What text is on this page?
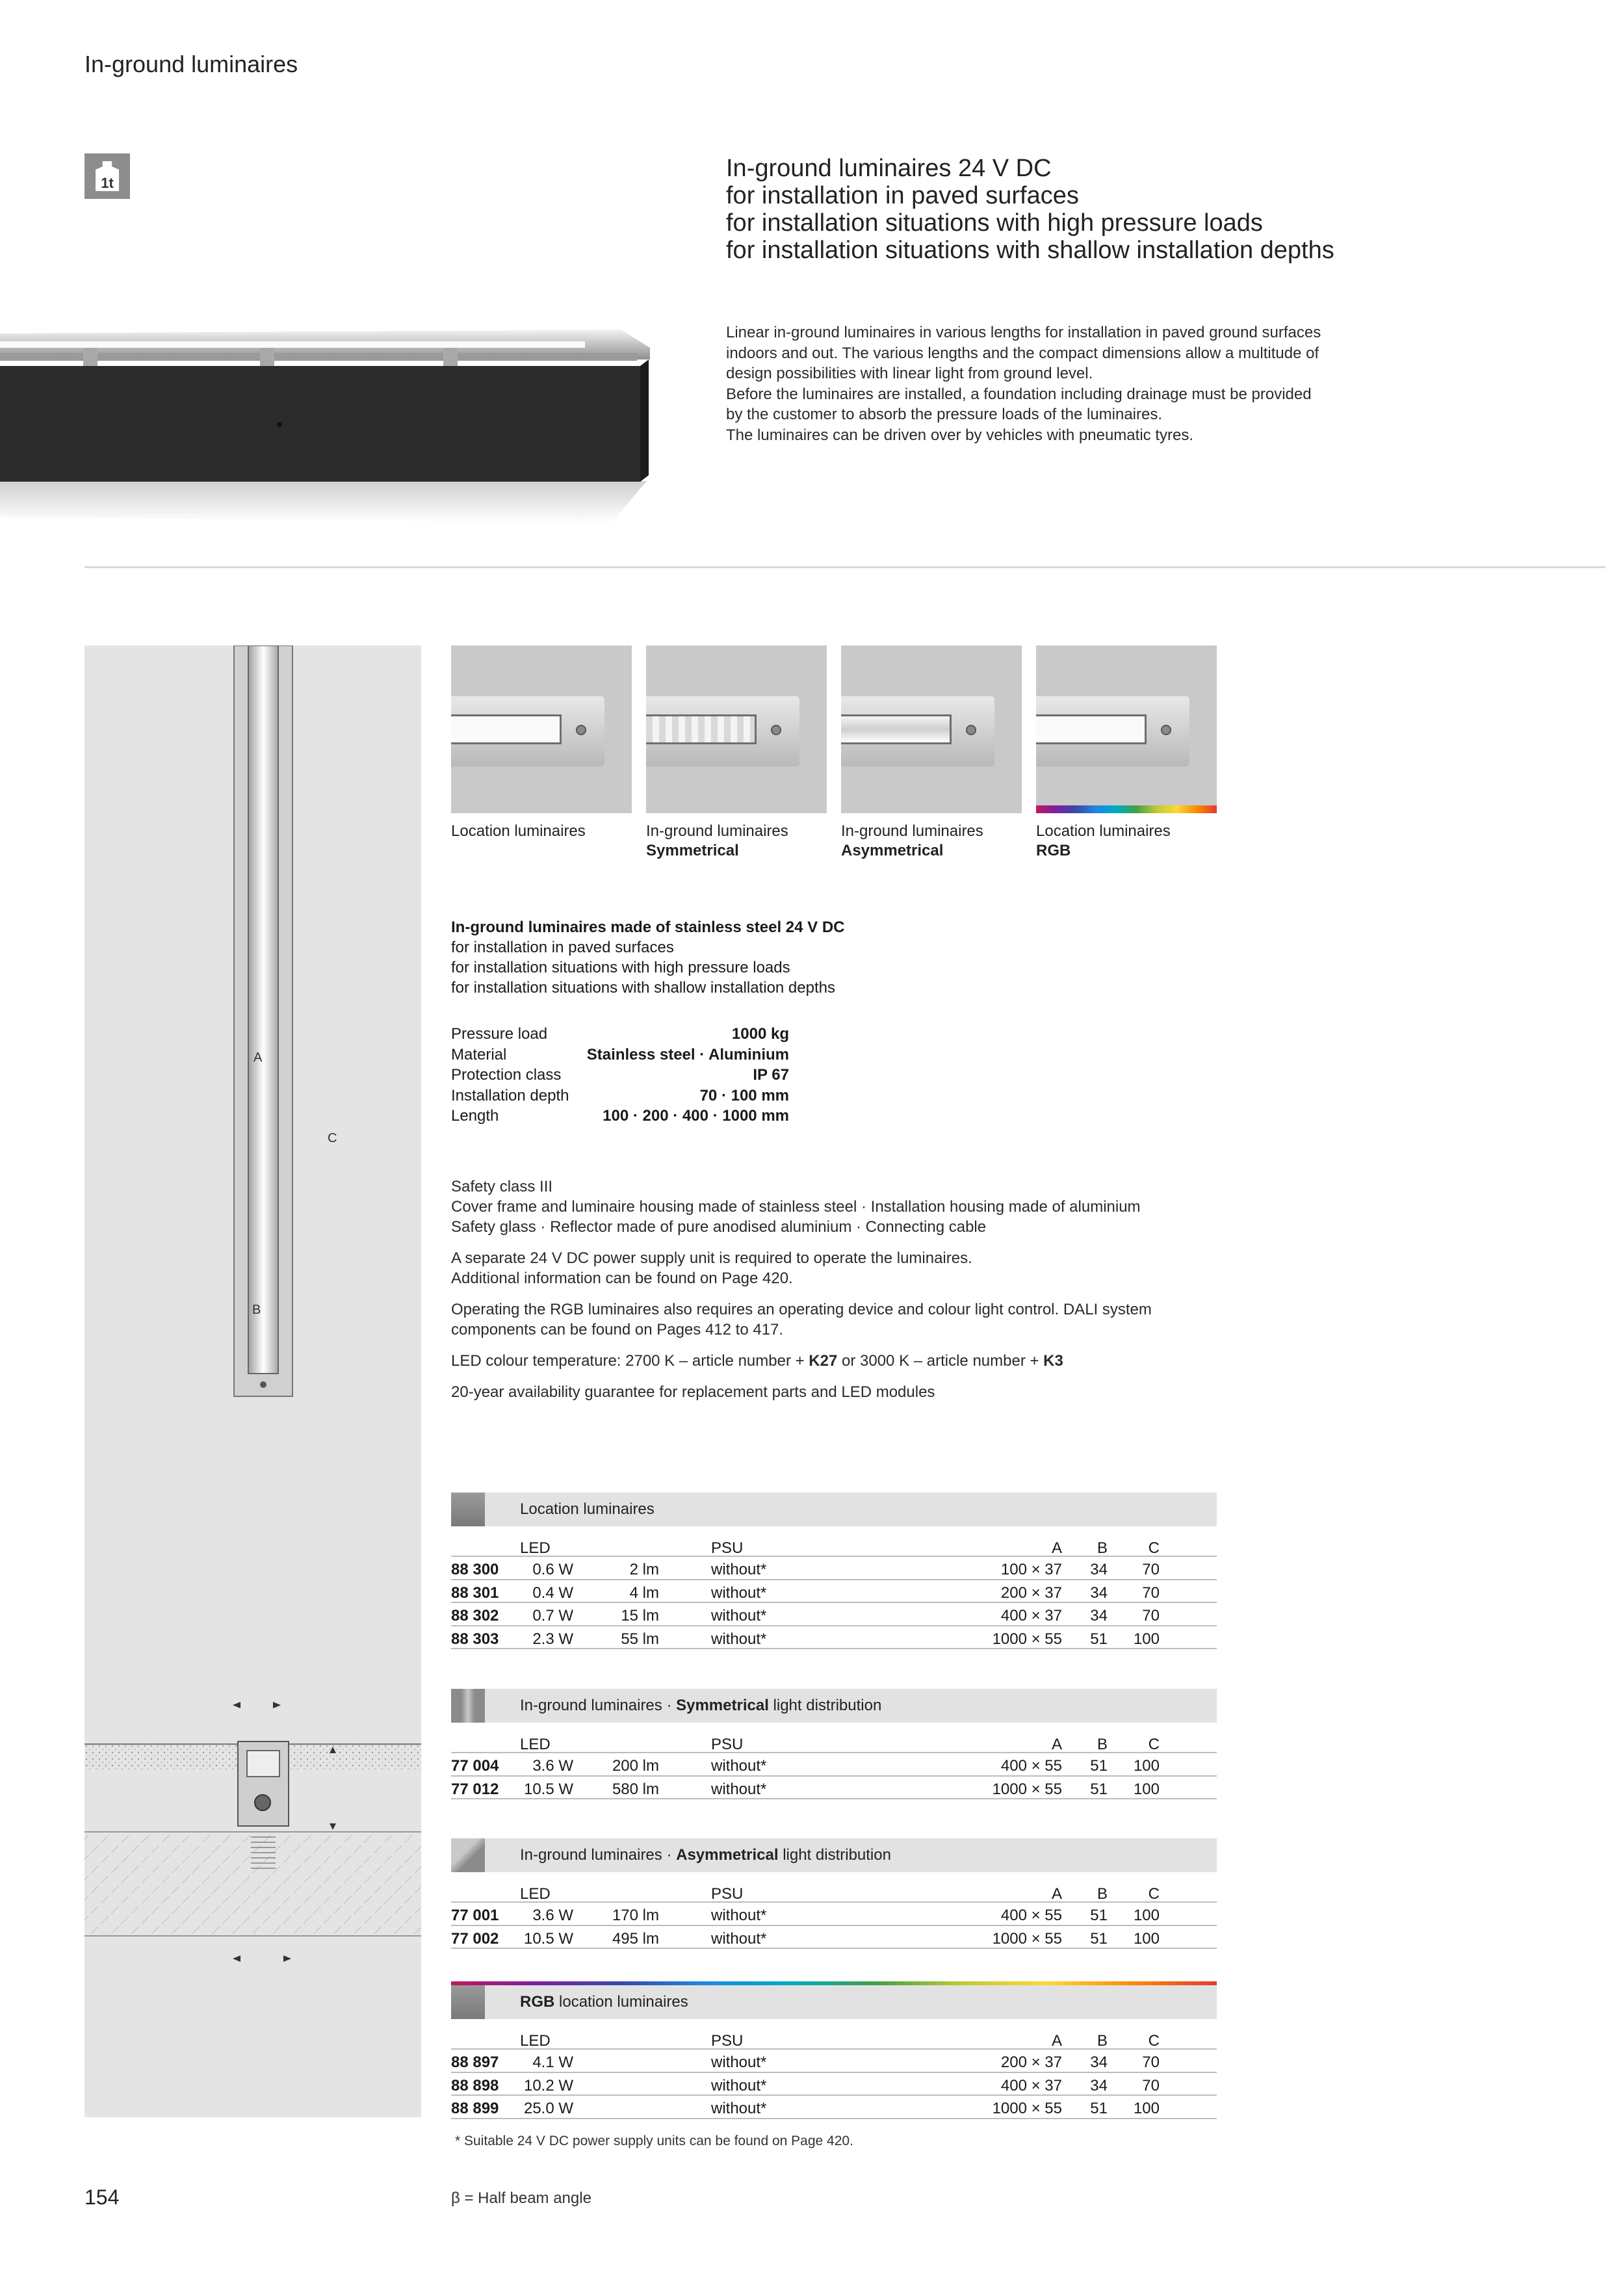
In-ground luminaires
1t
In-ground luminaires 24 V DC
for installation in paved surfaces
for installation situations with high pressure loads
for installation situations with shallow installation depths
Linear in-ground luminaires in various lengths for installation in paved ground surfaces
indoors and out. The various lengths and the compact dimensions allow a multitude of
design possibilities with linear light from ground level.
Before the luminaires are installed, a foundation including drainage must be provided
by the customer to absorb the pressure loads of the luminaires.
The luminaires can be driven over by vehicles with pneumatic tyres.
A
C
B
Location luminaires	In-ground luminaires
Symmetrical
In-ground luminaires
Asymmetrical
Location luminaires
RGB
In-ground luminaires made of stainless steel 24 V DC
for installation in paved surfaces
for installation situations with high pressure loads
for installation situations with shallow installation depths
Pressure load	1000 kg
Material	Stainless steel · Aluminium
Protection class	IP 67
Installation depth	70 · 100 mm
Length	100 · 200 · 400 · 1000 mm

Safety class III
Cover frame and luminaire housing made of stainless steel · Installation housing made of aluminium
Safety glass · Reflector made of pure anodised aluminium · Connecting cable

A separate 24 V DC power supply unit is required to operate the luminaires.
Additional information can be found on Page 420.

Operating the RGB luminaires also requires an operating device and colour light control. DALI system
components can be found on Pages 412 to 417.

LED colour temperature: 2700 K – article number + K27 or 3000 K – article number + K3

20-year availability guarantee for replacement parts and LED modules

Location luminaires
LED	PSU	A	B	C
88 300	0.6 W	2 lm	without*	100 × 37	34	70
88 301	0.4 W	4 lm	without*	200 × 37	34	70
88 302	0.7 W	15 lm	without*	400 × 37	34	70
88 303	2.3 W	55 lm	without*	1000 × 55	51	100
In-ground luminaires · Symmetrical light distribution
LED	PSU	A	B	C
77 004	3.6 W	200 lm	without*	400 × 55	51	100
77 012	10.5 W	580 lm	without*	1000 × 55	51	100
In-ground luminaires · Asymmetrical light distribution
LED	PSU	A	B	C
77 001	3.6 W	170 lm	without*	400 × 55	51	100
77 002	10.5 W	495 lm	without*	1000 × 55	51	100
RGB location luminaires
LED	PSU	A	B	C
88 897	4.1 W	without*	200 × 37	34	70
88 898	10.2 W	without*	400 × 37	34	70
88 899	25.0 W	without*	1000 × 55	51	100
* Suitable 24 V DC power supply units can be found on Page 420.
154	β = Half beam angle
